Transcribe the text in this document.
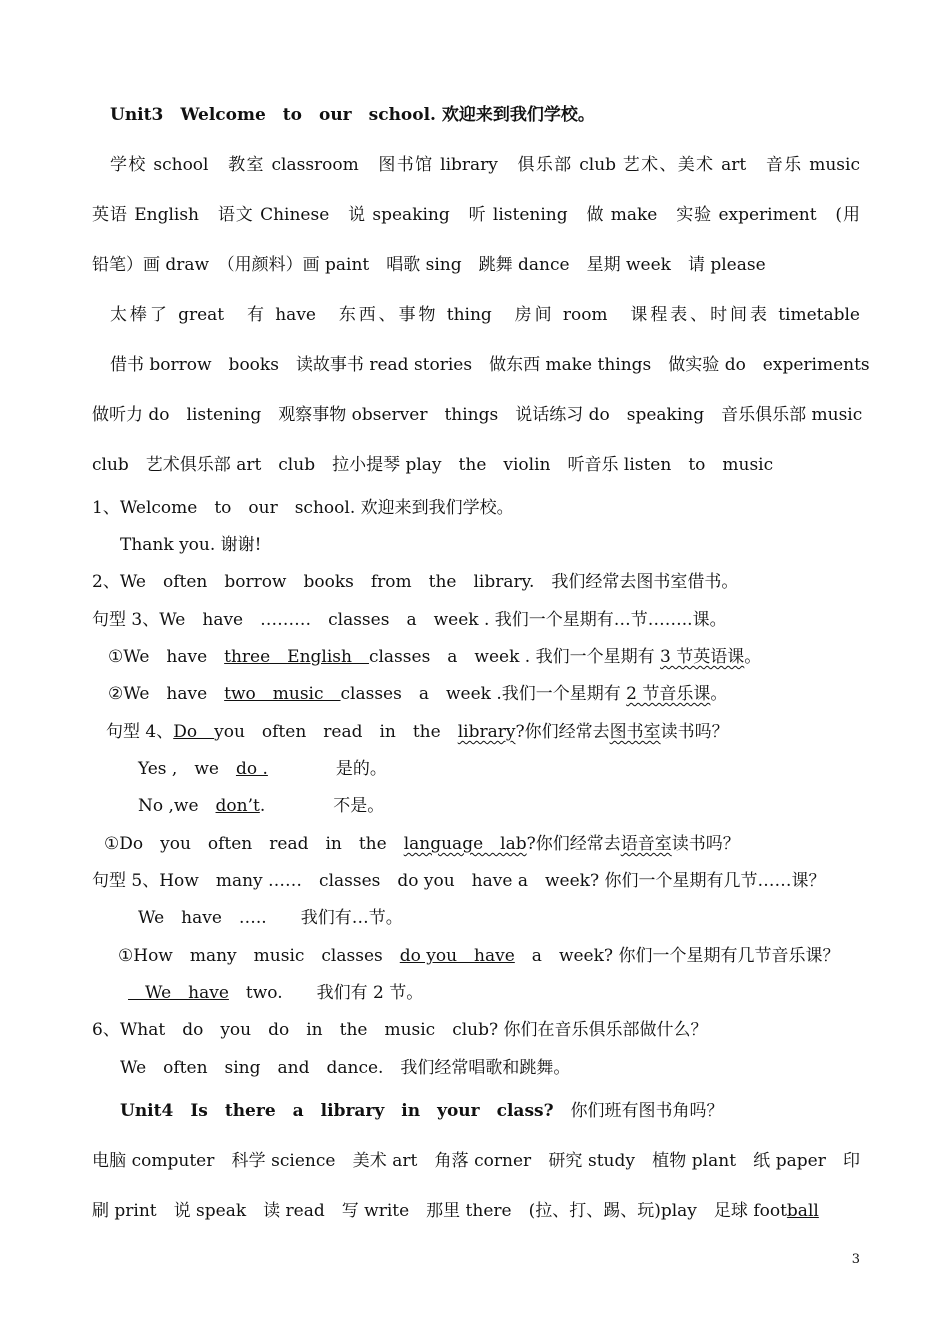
Unit3　Welcome　to　our　school. 欢迎来到我们学校。

学校 school　教室 classroom　图书馆 library　俱乐部 club 艺术、美术 art　音乐 music

英语 English　语文 Chinese　说 speaking　听 listening　做 make　实验 experiment　(用

铅笔）画 draw　（用颜料）画 paint　唱歌 sing　跳舞 dance　星期 week　请 please

太棒了 great　有 have　东西、事物 thing　房间 room　课程表、时间表 timetable

借书 borrow　books　读故事书 read stories　做东西 make things　做实验 do　experiments

做听力 do　listening　观察事物 observer　things　说话练习 do　speaking　音乐俱乐部 music

club　艺术俱乐部 art　club　拉小提琴 play　the　violin　听音乐 listen　to　music

1、Welcome　to　our　school. 欢迎来到我们学校。

Thank you. 谢谢!

2、We　often　borrow　books　from　the　library.　我们经常去图书室借书。

句型 3、We　have　………　classes　a　week . 我们一个星期有…节……..课。

①We　have　three　English　classes　a　week . 我们一个星期有 3 节英语课。

②We　have　two　music　classes　a　week .我们一个星期有 2 节音乐课。

句型 4、Do　you　often　read　in　the　library?你们经常去图书室读书吗？

Yes ,　we　do .　　　　是的。

No ,we　don’t.　　　　不是。

①Do　you　often　read　in　the　language　lab?你们经常去语音室读书吗？

句型 5、How　many ……　classes　do you　have a　week? 你们一个星期有几节……课？

We　have　…..　　我们有…节。

①How　many　music　classes　do you　have　a　week? 你们一个星期有几节音乐课？

　We　have　two.　　我们有 2 节。

6、What　do　you　do　in　the　music　club? 你们在音乐俱乐部做什么？

We　often　sing　and　dance.　我们经常唱歌和跳舞。

Unit4　Is　there　a　library　in　your　class?　你们班有图书角吗？

电脑 computer　科学 science　美术 art　角落 corner　研究 study　植物 plant　纸 paper　印

刷 print　说 speak　读 read　写 write　那里 there　(拉、打、踢、玩)play　足球 football

3
